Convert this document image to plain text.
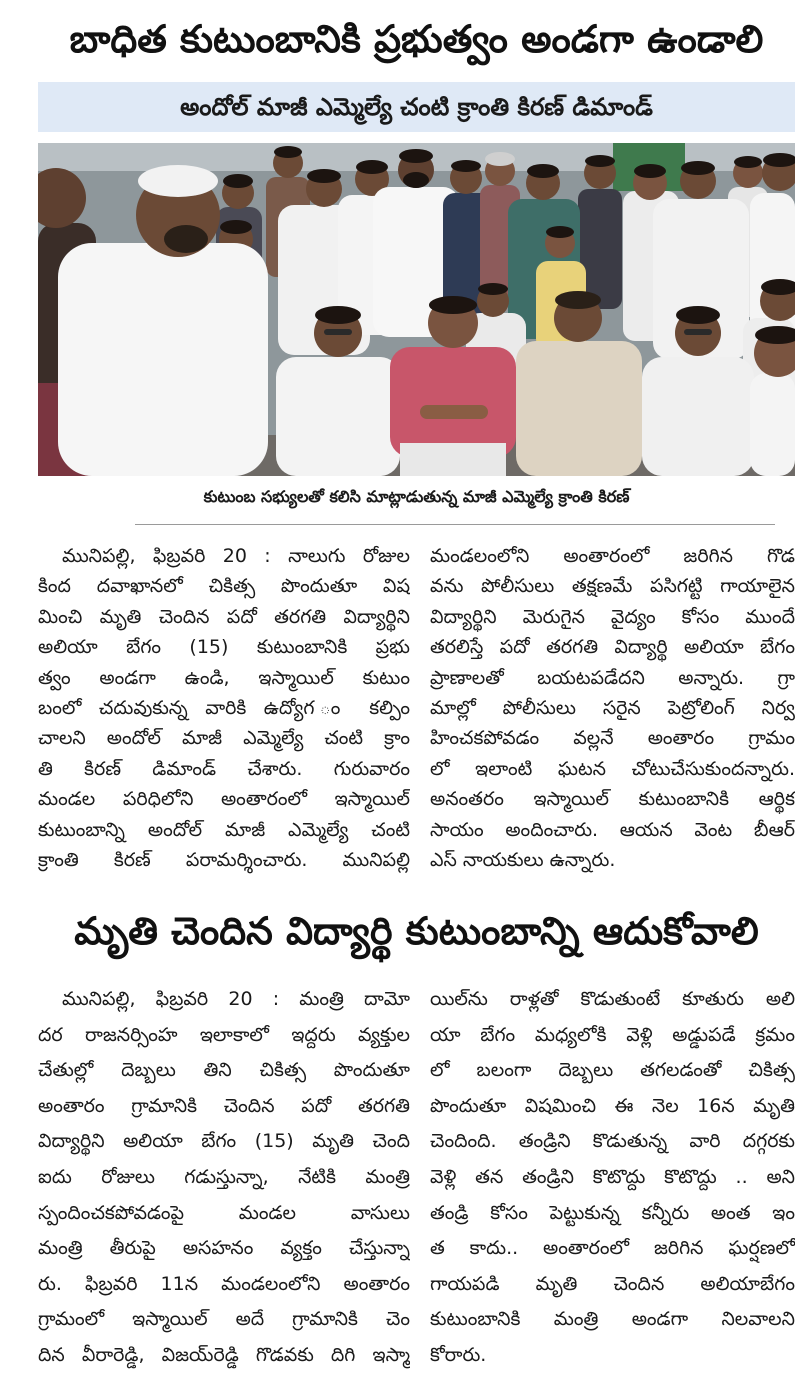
బాధిత కుటుంబానికి ప్రభుత్వం అండగా ఉండాలి
అందోల్ మాజీ ఎమ్మెల్యే చంటి క్రాంతి కిరణ్ డిమాండ్
కుటుంబ సభ్యులతో కలిసి మాట్లాడుతున్న మాజీ ఎమ్మెల్యే క్రాంతి కిరణ్
మునిపల్లి, ఫిబ్రవరి 20 : నాలుగు రోజుల
కింద దవాఖానలో చికిత్స పొందుతూ విష
మించి మృతి చెందిన పదో తరగతి విద్యార్థిని
అలియా బేగం (15) కుటుంబానికి ప్రభు
త్వం అండగా ఉండి, ఇస్మాయిల్ కుటుం
బంలో చదువుకున్న వారికి ఉద్యోగ ం కల్పిం
చాలని అందోల్ మాజీ ఎమ్మెల్యే చంటి క్రాం
తి కిరణ్ డిమాండ్ చేశారు. గురువారం
మండల పరిధిలోని అంతారంలో ఇస్మాయిల్
కుటుంబాన్ని అందోల్ మాజీ ఎమ్మెల్యే చంటి
క్రాంతి కిరణ్ పరామర్శించారు. మునిపల్లి
మండలంలోని అంతారంలో జరిగిన గొడ
వను పోలీసులు తక్షణమే పసిగట్టి గాయాలైన
విద్యార్థిని మెరుగైన వైద్యం కోసం ముందే
తరలిస్తే పదో తరగతి విద్యార్థి అలియా బేగం
ప్రాణాలతో బయటపడేదని అన్నారు. గ్రా
మాల్లో పోలీసులు సరైన పెట్రోలింగ్ నిర్వ
హించకపోవడం వల్లనే అంతారం గ్రామం
లో ఇలాంటి ఘటన చోటుచేసుకుందన్నారు.
అనంతరం ఇస్మాయిల్ కుటుంబానికి ఆర్థిక
సాయం అందించారు. ఆయన వెంట బీఆర్
ఎస్ నాయకులు ఉన్నారు.
మృతి చెందిన విద్యార్థి కుటుంబాన్ని ఆదుకోవాలి
మునిపల్లి, ఫిబ్రవరి 20 : మంత్రి దామో
దర రాజనర్సింహ ఇలాకాలో ఇద్దరు వ్యక్తుల
చేతుల్లో దెబ్బలు తిని చికిత్స పొందుతూ
అంతారం గ్రామానికి చెందిన పదో తరగతి
విద్యార్థిని అలియా బేగం (15) మృతి చెంది
ఐదు రోజులు గడుస్తున్నా, నేటికి మంత్రి
స్పందించకపోవడంపై మండల వాసులు
మంత్రి తీరుపై అసహనం వ్యక్తం చేస్తున్నా
రు. ఫిబ్రవరి 11న మండలంలోని అంతారం
గ్రామంలో ఇస్మాయిల్ అదే గ్రామానికి చెం
దిన వీరారెడ్డి, విజయ్‌రెడ్డి గొడవకు దిగి ఇస్మా
యిల్‌ను రాళ్లతో కొడుతుంటే కూతురు అలి
యా బేగం మధ్యలోకి వెళ్లి అడ్డుపడే క్రమం
లో బలంగా దెబ్బలు తగలడంతో చికిత్స
పొందుతూ విషమించి ఈ నెల 16న మృతి
చెందింది. తండ్రిని కొడుతున్న వారి దగ్గరకు
వెళ్లి తన తండ్రిని కొటొద్దు కొటొద్దు .. అని
తండ్రి కోసం పెట్టుకున్న కన్నీరు అంత ఇం
త కాదు.. అంతారంలో జరిగిన ఘర్షణలో
గాయపడి మృతి చెందిన అలియాబేగం
కుటుంబానికి మంత్రి అండగా నిలవాలని
కోరారు.
